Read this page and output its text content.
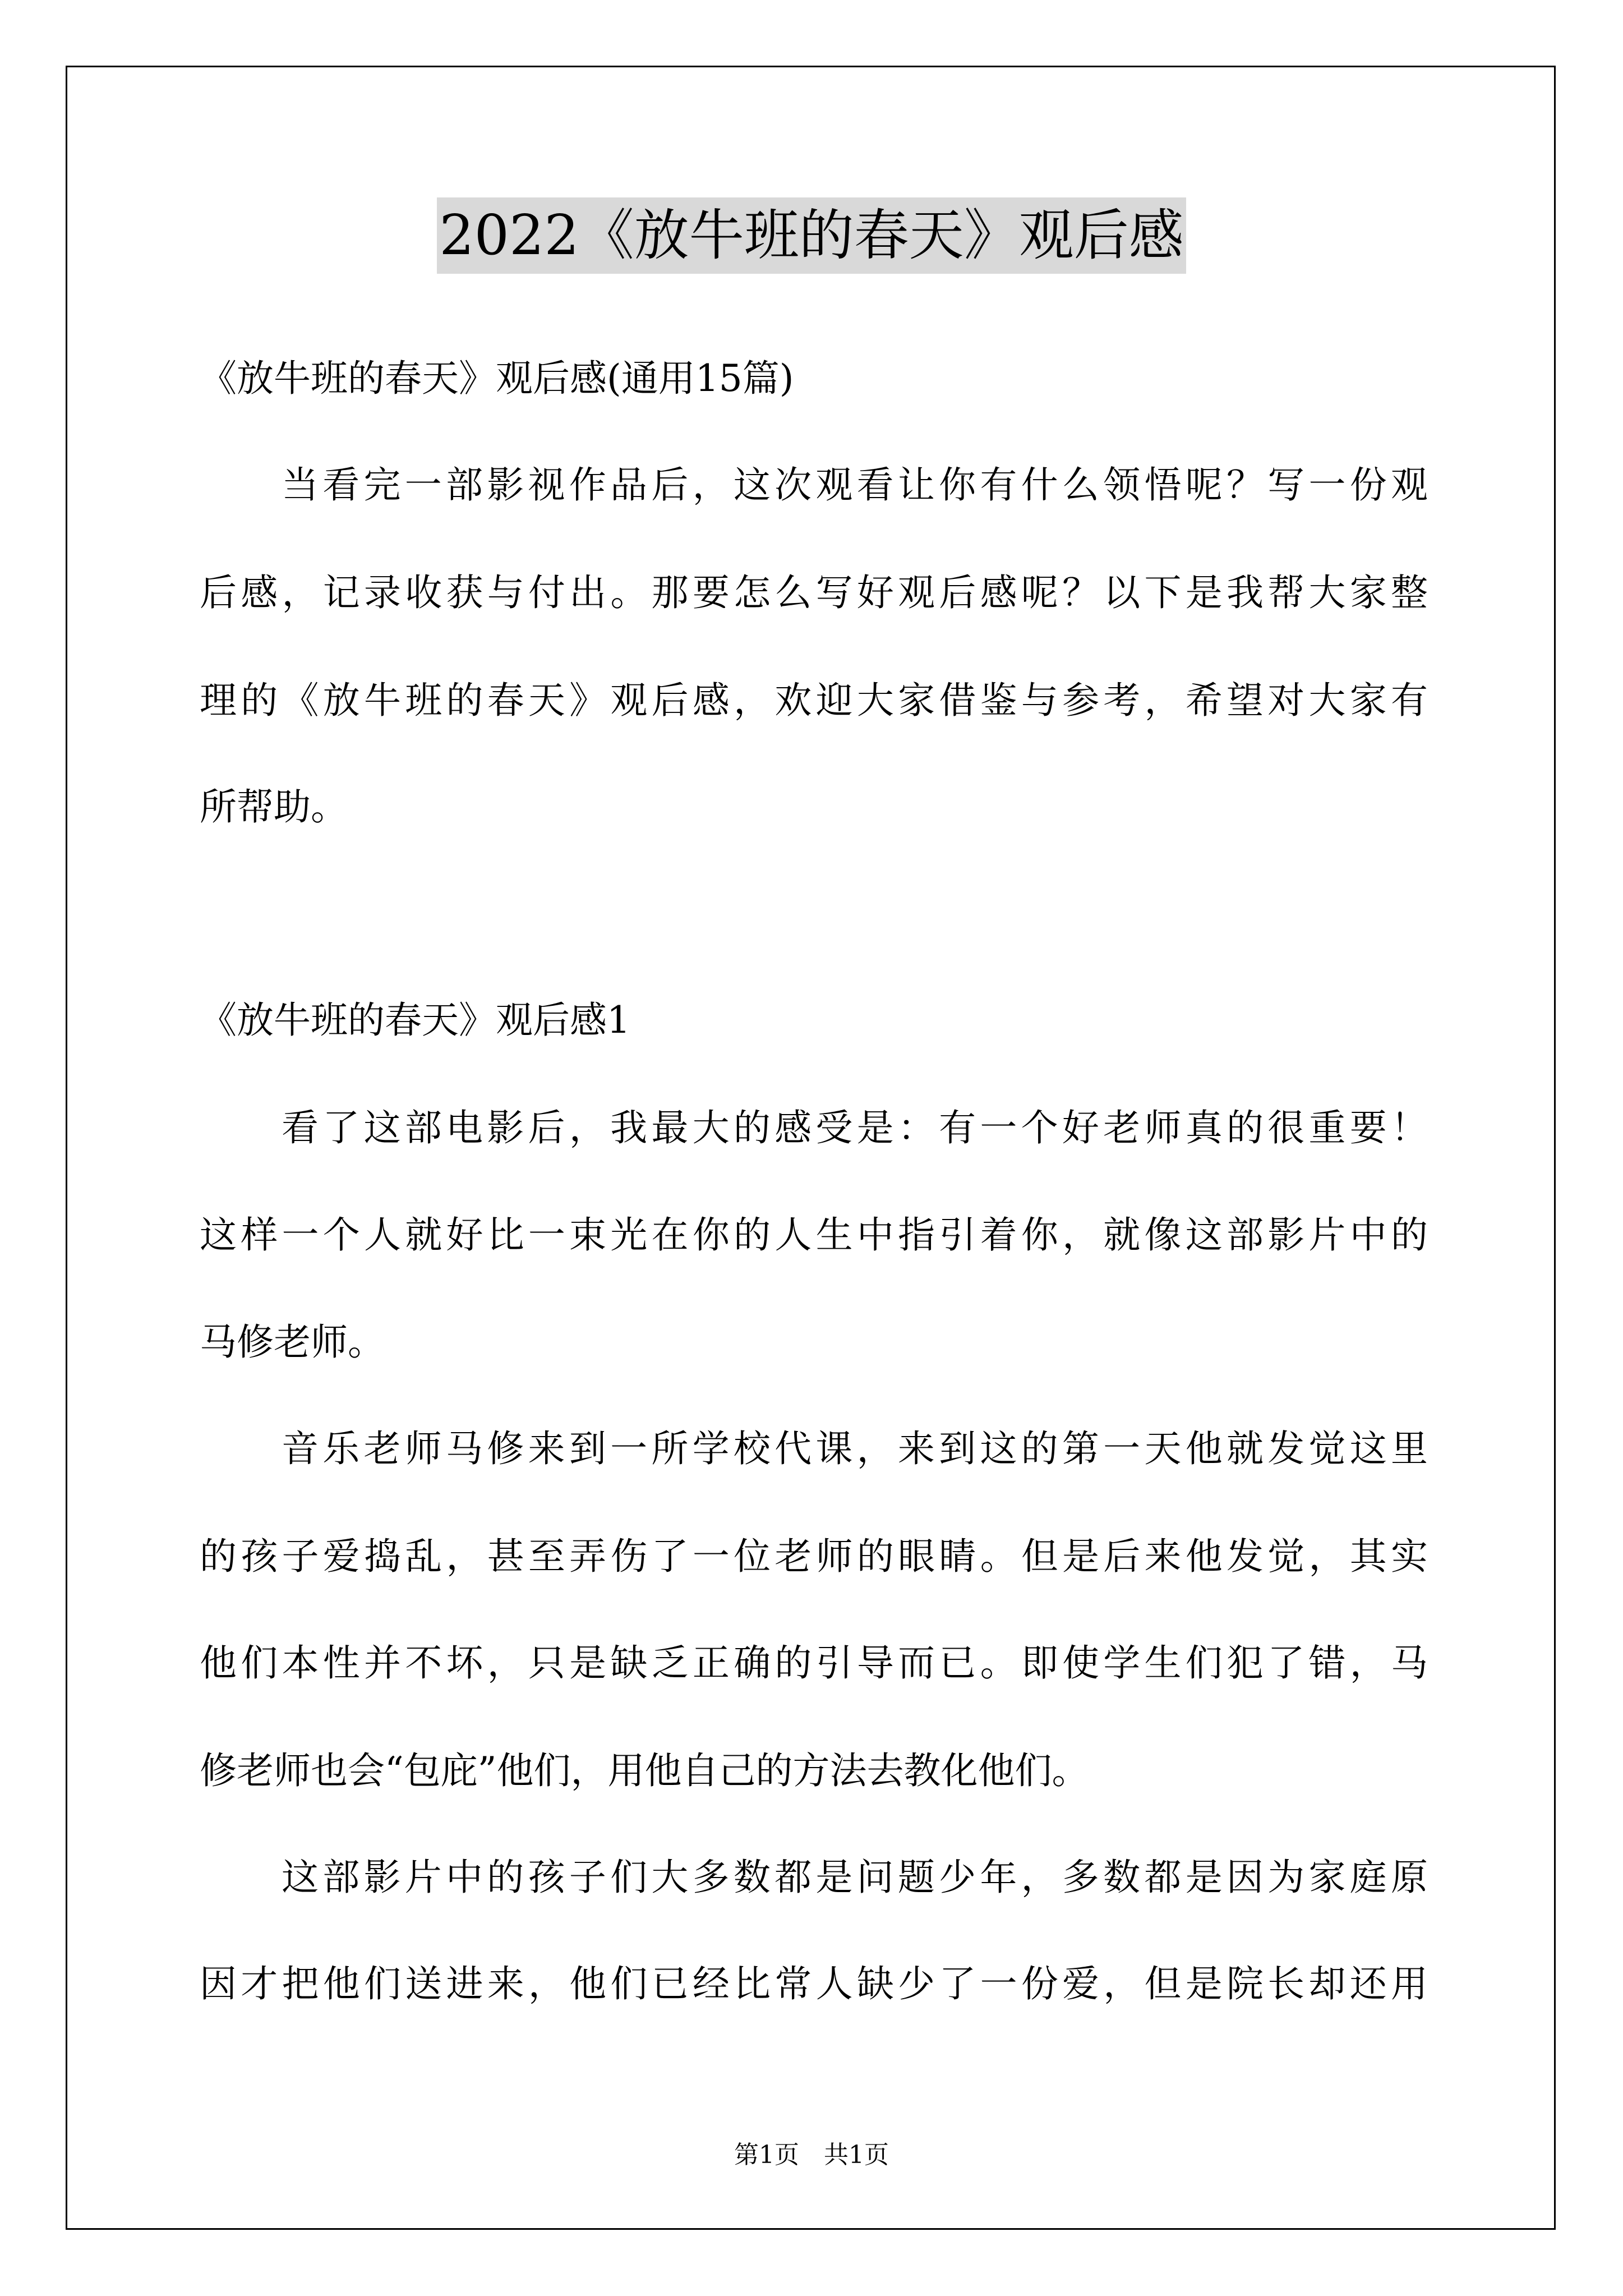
2022《放牛班的春天》观后感
《放牛班的春天》观后感(通用15篇)
当看完一部影视作品后，这次观看让你有什么领悟呢？写一份观
后感，记录收获与付出。那要怎么写好观后感呢？以下是我帮大家整
理的《放牛班的春天》观后感，欢迎大家借鉴与参考，希望对大家有
所帮助。
《放牛班的春天》观后感1
看了这部电影后，我最大的感受是：有一个好老师真的很重要！
这样一个人就好比一束光在你的人生中指引着你，就像这部影片中的
马修老师。
音乐老师马修来到一所学校代课，来到这的第一天他就发觉这里
的孩子爱捣乱，甚至弄伤了一位老师的眼睛。但是后来他发觉，其实
他们本性并不坏，只是缺乏正确的引导而已。即使学生们犯了错，马
修老师也会“包庇”他们，用他自己的方法去教化他们。
这部影片中的孩子们大多数都是问题少年，多数都是因为家庭原
因才把他们送进来，他们已经比常人缺少了一份爱，但是院长却还用
第1页　共1页
